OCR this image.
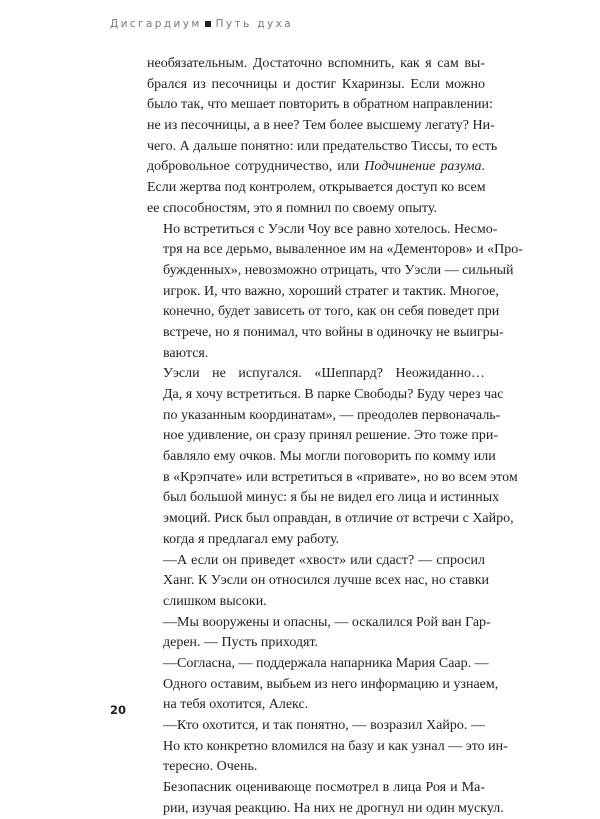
Дисгардиум Путь духа

необязательным. Достаточно вспомнить, как я сам вы-
брался из песочницы и достиг Кхаринзы. Если можно
было так, что мешает повторить в обратном направлении:
не из песочницы, а в нее? Тем более высшему легату? Ни-
чего. А дальше понятно: или предательство Тиссы, то есть
добровольное сотрудничество, или Подчинение разума.
Если жертва под контролем, открывается доступ ко всем
ее способностям, это я помнил по своему опыту.

Но встретиться с Уэсли Чоу все равно хотелось. Несмо-
тря на все дерьмо, вываленное им на «Дементоров» и «Про-
бужденных», невозможно отрицать, что Уэсли — сильный
игрок. И, что важно, хороший стратег и тактик. Многое,
конечно, будет зависеть от того, как он себя поведет при
встрече, но я понимал, что войны в одиночку не выигры-
ваются.

Уэсли не испугался. «Шеппард? Неожиданно…
Да, я хочу встретиться. В парке Свободы? Буду через час
по указанным координатам», — преодолев первоначаль-
ное удивление, он сразу принял решение. Это тоже при-
бавляло ему очков. Мы могли поговорить по комму или
в «Крэпчате» или встретиться в «привате», но во всем этом
был большой минус: я бы не видел его лица и истинных
эмоций. Риск был оправдан, в отличие от встречи с Хайро,
когда я предлагал ему работу.

—А если он приведет «хвост» или сдаст? — спросил
Ханг. К Уэсли он относился лучше всех нас, но ставки
слишком высоки.

—Мы вооружены и опасны, — оскалился Рой ван Гар-
дерен. — Пусть приходят.

—Согласна, — поддержала напарника Мария Саар. —
Одного оставим, выбьем из него информацию и узнаем,
на тебя охотится, Алекс.

—Кто охотится, и так понятно, — возразил Хайро. —
Но кто конкретно вломился на базу и как узнал — это ин-
тересно. Очень.

Безопасник оценивающе посмотрел в лица Роя и Ма-
рии, изучая реакцию. На них не дрогнул ни один мускул.

20
